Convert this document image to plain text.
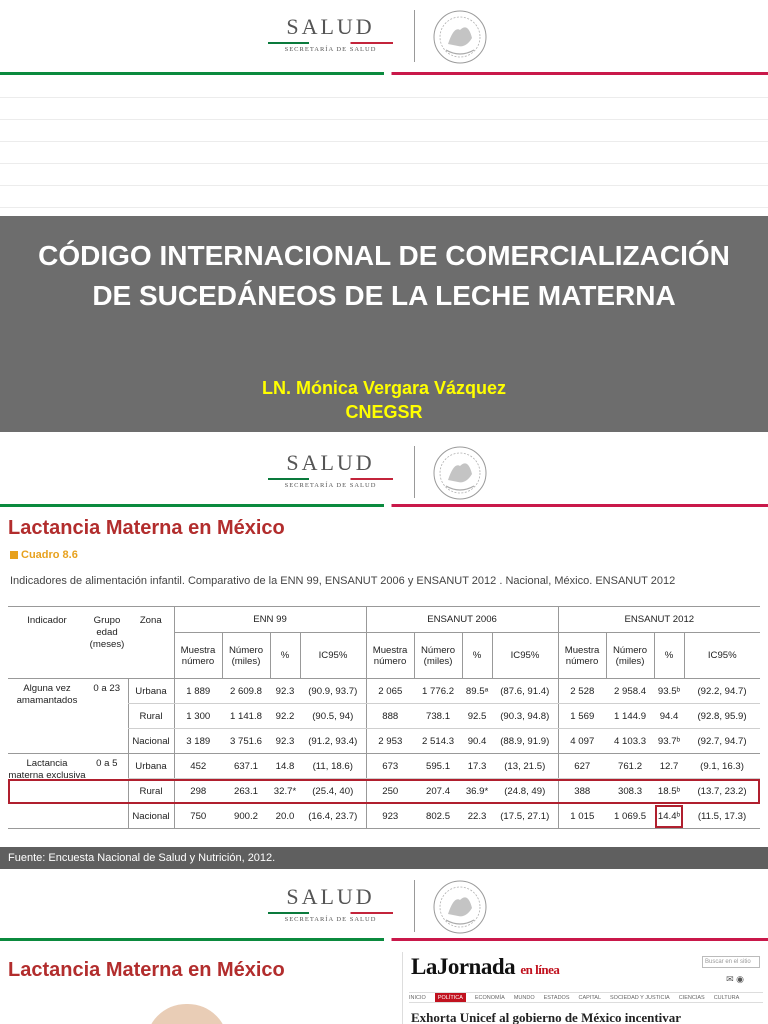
SALUD
SECRETARÍA DE SALUD
CÓDIGO INTERNACIONAL DE COMERCIALIZACIÓN DE SUCEDÁNEOS DE LA LECHE MATERNA
LN. Mónica Vergara Vázquez
CNEGSR
SALUD
SECRETARÍA DE SALUD
Lactancia Materna en México
Cuadro 8.6
Indicadores de alimentación infantil. Comparativo de la ENN 99, ENSANUT 2006 y ENSANUT 2012 . Nacional, México. ENSANUT 2012
Indicador	Grupo edad (meses)	Zona	ENN 99				ENSANUT 2006				ENSANUT 2012			
			Muestra número	Número (miles)	%	IC95%	Muestra número	Número (miles)	%	IC95%	Muestra número	Número (miles)	%	IC95%
Alguna vez amamantados	0 a 23	Urbana	1 889	2 609.8	92.3	(90.9, 93.7)	2 065	1 776.2	89.5ᵃ	(87.6, 91.4)	2 528	2 958.4	93.5ᵇ	(92.2, 94.7)
		Rural	1 300	1 141.8	92.2	(90.5, 94)	888	738.1	92.5	(90.3, 94.8)	1 569	1 144.9	94.4	(92.8, 95.9)
		Nacional	3 189	3 751.6	92.3	(91.2, 93.4)	2 953	2 514.3	90.4	(88.9, 91.9)	4 097	4 103.3	93.7ᵇ	(92.7, 94.7)
Lactancia materna exclusiva	0 a 5	Urbana	452	637.1	14.8	(11, 18.6)	673	595.1	17.3	(13, 21.5)	627	761.2	12.7	(9.1, 16.3)
		Rural	298	263.1	32.7*	(25.4, 40)	250	207.4	36.9*	(24.8, 49)	388	308.3	18.5ᵇ	(13.7, 23.2)
		Nacional	750	900.2	20.0	(16.4, 23.7)	923	802.5	22.3	(17.5, 27.1)	1 015	1 069.5	14.4ᵇ	(11.5, 17.3)
Fuente: Encuesta Nacional de Salud y Nutrición, 2012.
SALUD
SECRETARÍA DE SALUD
Lactancia Materna en México	LaJornada en línea	Buscar en el sitio
✉ ◉
INICIO POLÍTICA ECONOMÍA MUNDO ESTADOS CAPITAL SOCIEDAD Y JUSTICIA CIENCIAS CULTURA
Exhorta Unicef al gobierno de México incentivar
